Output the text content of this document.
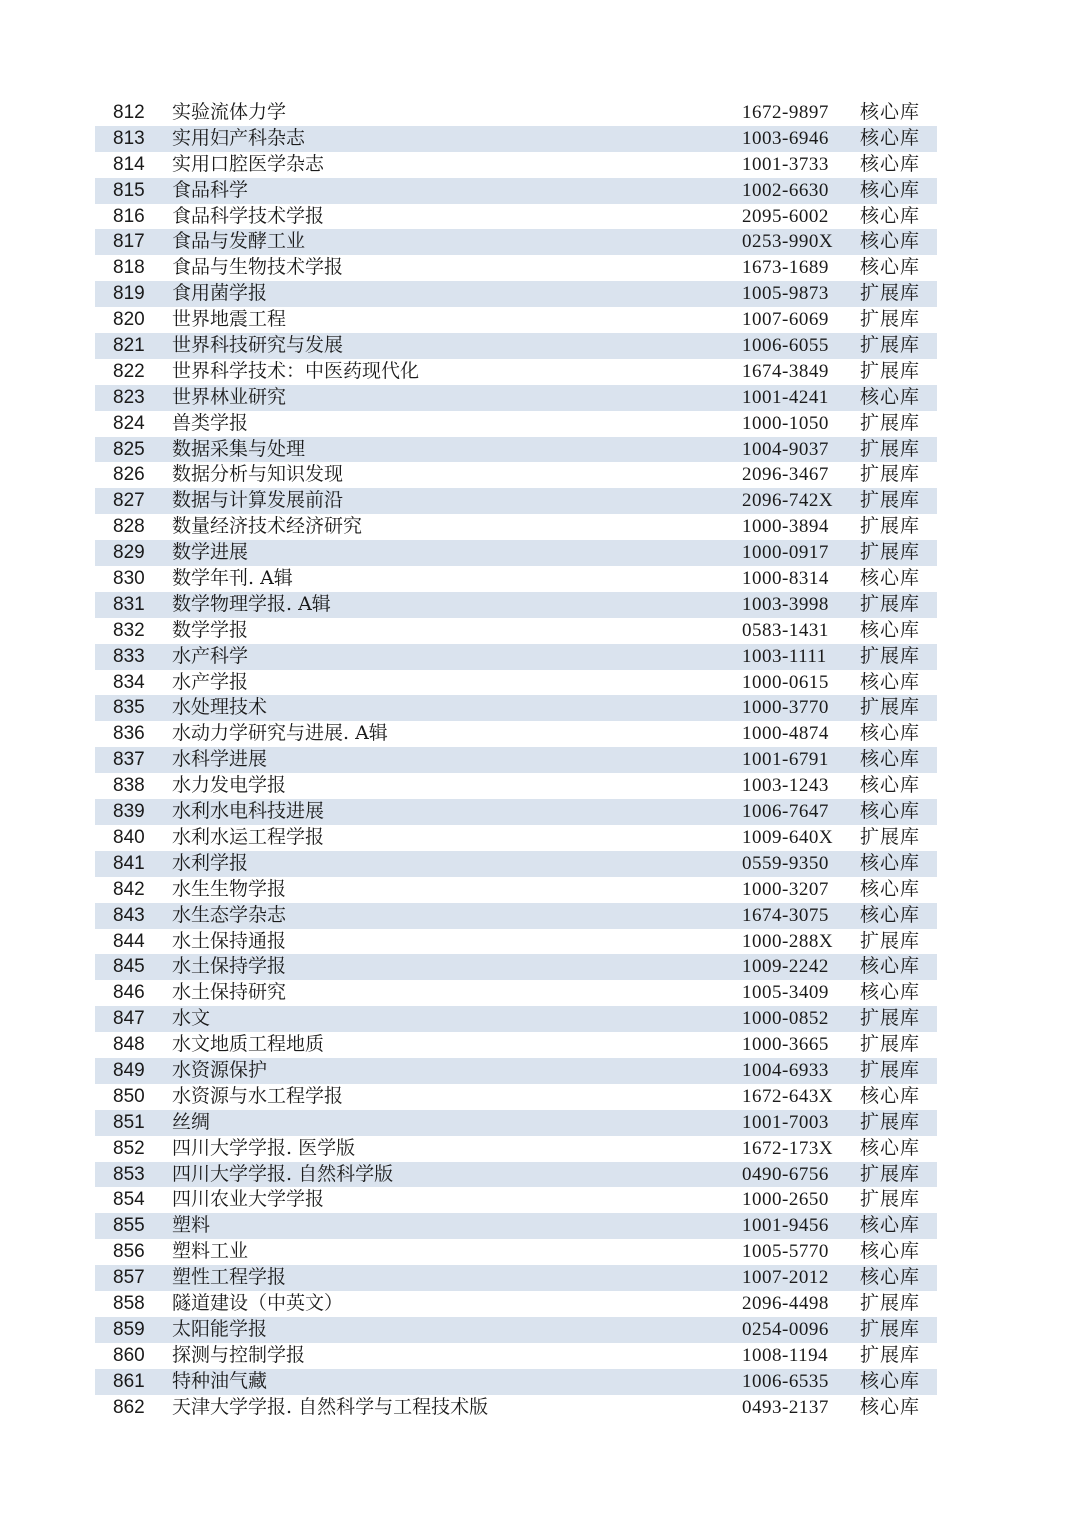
812	实验流体力学	1672-9897	核心库
813	实用妇产科杂志	1003-6946	核心库
814	实用口腔医学杂志	1001-3733	核心库
815	食品科学	1002-6630	核心库
816	食品科学技术学报	2095-6002	核心库
817	食品与发酵工业	0253-990X	核心库
818	食品与生物技术学报	1673-1689	核心库
819	食用菌学报	1005-9873	扩展库
820	世界地震工程	1007-6069	扩展库
821	世界科技研究与发展	1006-6055	扩展库
822	世界科学技术：中医药现代化	1674-3849	扩展库
823	世界林业研究	1001-4241	核心库
824	兽类学报	1000-1050	扩展库
825	数据采集与处理	1004-9037	扩展库
826	数据分析与知识发现	2096-3467	扩展库
827	数据与计算发展前沿	2096-742X	扩展库
828	数量经济技术经济研究	1000-3894	扩展库
829	数学进展	1000-0917	扩展库
830	数学年刊. A辑	1000-8314	核心库
831	数学物理学报. A辑	1003-3998	扩展库
832	数学学报	0583-1431	核心库
833	水产科学	1003-1111	扩展库
834	水产学报	1000-0615	核心库
835	水处理技术	1000-3770	扩展库
836	水动力学研究与进展. A辑	1000-4874	核心库
837	水科学进展	1001-6791	核心库
838	水力发电学报	1003-1243	核心库
839	水利水电科技进展	1006-7647	核心库
840	水利水运工程学报	1009-640X	扩展库
841	水利学报	0559-9350	核心库
842	水生生物学报	1000-3207	核心库
843	水生态学杂志	1674-3075	核心库
844	水土保持通报	1000-288X	扩展库
845	水土保持学报	1009-2242	核心库
846	水土保持研究	1005-3409	核心库
847	水文	1000-0852	扩展库
848	水文地质工程地质	1000-3665	扩展库
849	水资源保护	1004-6933	扩展库
850	水资源与水工程学报	1672-643X	核心库
851	丝绸	1001-7003	扩展库
852	四川大学学报. 医学版	1672-173X	核心库
853	四川大学学报. 自然科学版	0490-6756	扩展库
854	四川农业大学学报	1000-2650	扩展库
855	塑料	1001-9456	核心库
856	塑料工业	1005-5770	核心库
857	塑性工程学报	1007-2012	核心库
858	隧道建设（中英文）	2096-4498	扩展库
859	太阳能学报	0254-0096	扩展库
860	探测与控制学报	1008-1194	扩展库
861	特种油气藏	1006-6535	核心库
862	天津大学学报. 自然科学与工程技术版	0493-2137	核心库
